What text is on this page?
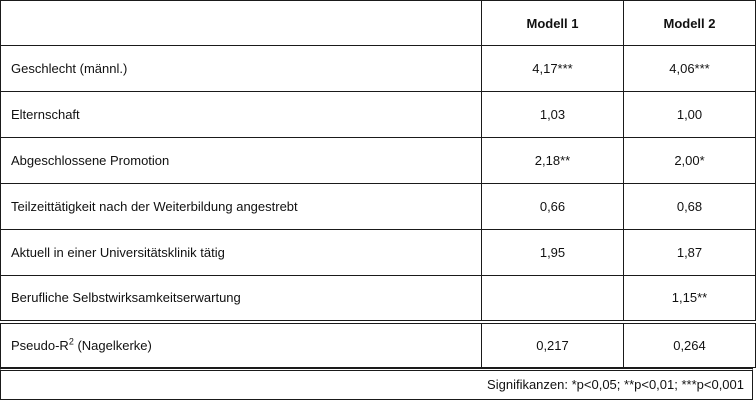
	Modell 1	Modell 2
Geschlecht (männl.)	4,17***	4,06***
Elternschaft	1,03	1,00
Abgeschlossene Promotion	2,18**	2,00*
Teilzeittätigkeit nach der Weiterbildung angestrebt	0,66	0,68
Aktuell in einer Universitätsklinik tätig	1,95	1,87
Berufliche Selbstwirksamkeitserwartung		1,15**
Pseudo-$R^2$ (Nagelkerke)	0,217	0,264
Signifikanzen: *p<0,05; **p<0,01; ***p<0,001
